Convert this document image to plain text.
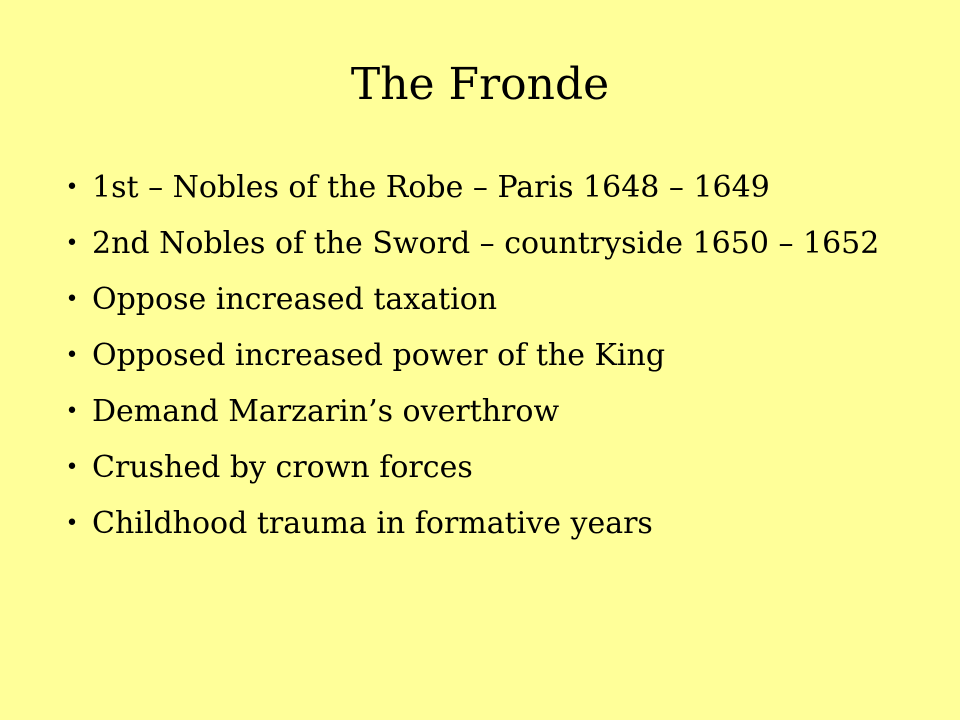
The Fronde
• 1st – Nobles of the Robe – Paris 1648 – 1649
• 2nd Nobles of the Sword – countryside 1650 – 1652
• Oppose increased taxation
• Opposed increased power of the King
• Demand Marzarin’s overthrow
• Crushed by crown forces
• Childhood trauma in formative years
